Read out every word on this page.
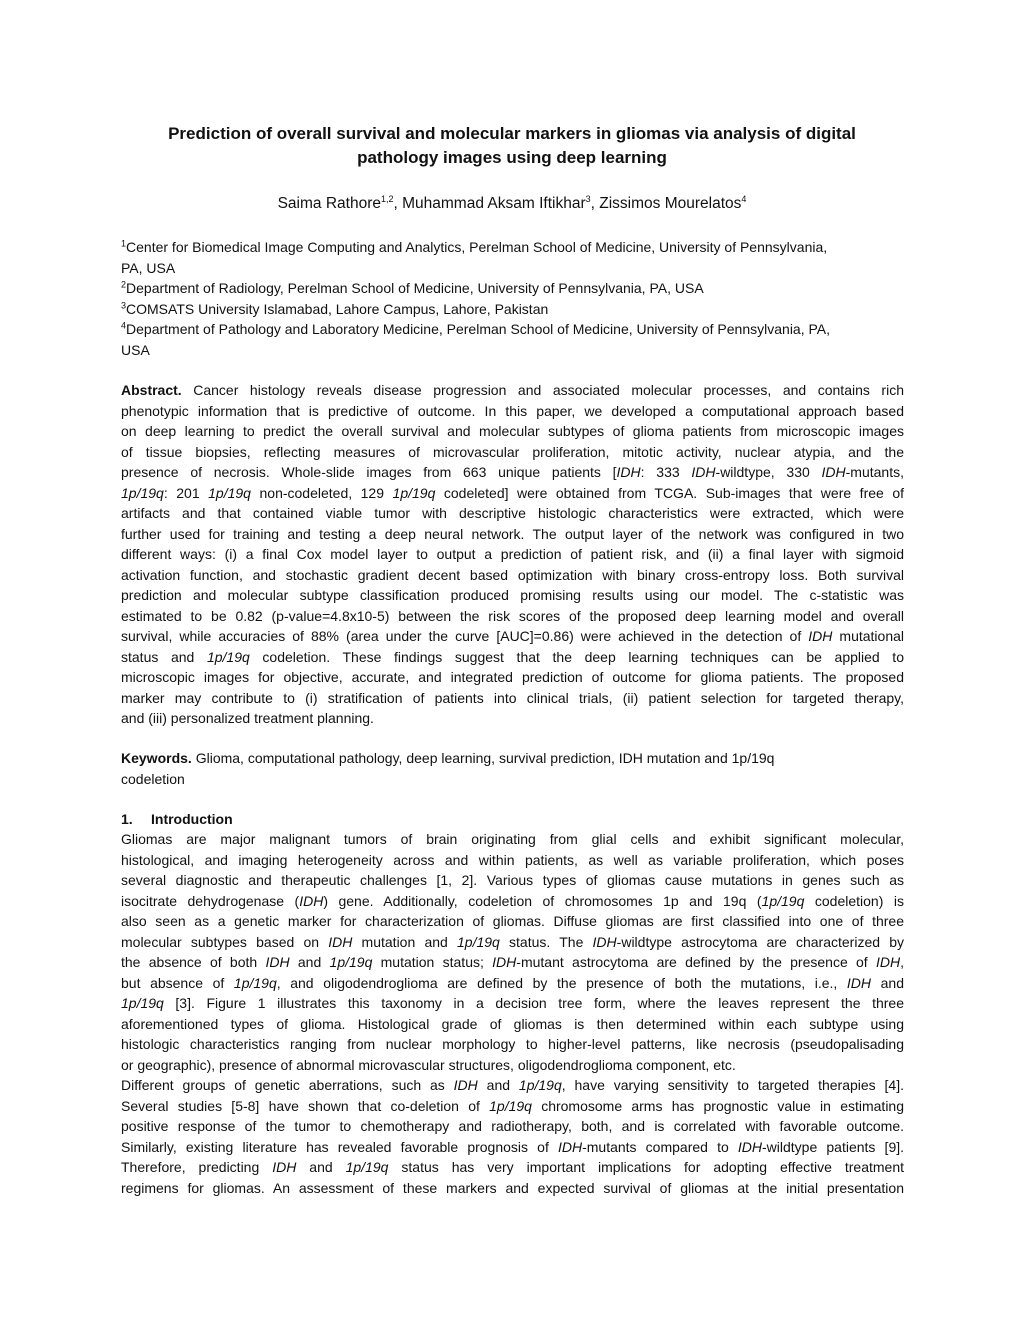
Prediction of overall survival and molecular markers in gliomas via analysis of digital
pathology images using deep learning
Saima Rathore$^{1,2}$, Muhammad Aksam Iftikhar$^3$, Zissimos Mourelatos$^4$
$^1$Center for Biomedical Image Computing and Analytics, Perelman School of Medicine, University of Pennsylvania,
PA, USA
$^2$Department of Radiology, Perelman School of Medicine, University of Pennsylvania, PA, USA
$^3$COMSATS University Islamabad, Lahore Campus, Lahore, Pakistan
$^4$Department of Pathology and Laboratory Medicine, Perelman School of Medicine, University of Pennsylvania, PA,
USA
Abstract. Cancer histology reveals disease progression and associated molecular processes, and contains rich
phenotypic information that is predictive of outcome. In this paper, we developed a computational approach based
on deep learning to predict the overall survival and molecular subtypes of glioma patients from microscopic images
of tissue biopsies, reflecting measures of microvascular proliferation, mitotic activity, nuclear atypia, and the
presence of necrosis. Whole-slide images from 663 unique patients [IDH: 333 IDH-wildtype, 330 IDH-mutants,
1p/19q: 201 1p/19q non-codeleted, 129 1p/19q codeleted] were obtained from TCGA. Sub-images that were free of
artifacts and that contained viable tumor with descriptive histologic characteristics were extracted, which were
further used for training and testing a deep neural network. The output layer of the network was configured in two
different ways: (i) a final Cox model layer to output a prediction of patient risk, and (ii) a final layer with sigmoid
activation function, and stochastic gradient decent based optimization with binary cross-entropy loss. Both survival
prediction and molecular subtype classification produced promising results using our model. The c-statistic was
estimated to be 0.82 (p-value=4.8x10-5) between the risk scores of the proposed deep learning model and overall
survival, while accuracies of 88% (area under the curve [AUC]=0.86) were achieved in the detection of IDH mutational
status and 1p/19q codeletion. These findings suggest that the deep learning techniques can be applied to
microscopic images for objective, accurate, and integrated prediction of outcome for glioma patients. The proposed
marker may contribute to (i) stratification of patients into clinical trials, (ii) patient selection for targeted therapy,
and (iii) personalized treatment planning.
Keywords. Glioma, computational pathology, deep learning, survival prediction, IDH mutation and 1p/19q
codeletion
1. Introduction
Gliomas are major malignant tumors of brain originating from glial cells and exhibit significant molecular,
histological, and imaging heterogeneity across and within patients, as well as variable proliferation, which poses
several diagnostic and therapeutic challenges [1, 2]. Various types of gliomas cause mutations in genes such as
isocitrate dehydrogenase (IDH) gene. Additionally, codeletion of chromosomes 1p and 19q (1p/19q codeletion) is
also seen as a genetic marker for characterization of gliomas. Diffuse gliomas are first classified into one of three
molecular subtypes based on IDH mutation and 1p/19q status. The IDH-wildtype astrocytoma are characterized by
the absence of both IDH and 1p/19q mutation status; IDH-mutant astrocytoma are defined by the presence of IDH,
but absence of 1p/19q, and oligodendroglioma are defined by the presence of both the mutations, i.e., IDH and
1p/19q [3]. Figure 1 illustrates this taxonomy in a decision tree form, where the leaves represent the three
aforementioned types of glioma. Histological grade of gliomas is then determined within each subtype using
histologic characteristics ranging from nuclear morphology to higher-level patterns, like necrosis (pseudopalisading
or geographic), presence of abnormal microvascular structures, oligodendroglioma component, etc.
Different groups of genetic aberrations, such as IDH and 1p/19q, have varying sensitivity to targeted therapies [4].
Several studies [5-8] have shown that co-deletion of 1p/19q chromosome arms has prognostic value in estimating
positive response of the tumor to chemotherapy and radiotherapy, both, and is correlated with favorable outcome.
Similarly, existing literature has revealed favorable prognosis of IDH-mutants compared to IDH-wildtype patients [9].
Therefore, predicting IDH and 1p/19q status has very important implications for adopting effective treatment
regimens for gliomas. An assessment of these markers and expected survival of gliomas at the initial presentation
